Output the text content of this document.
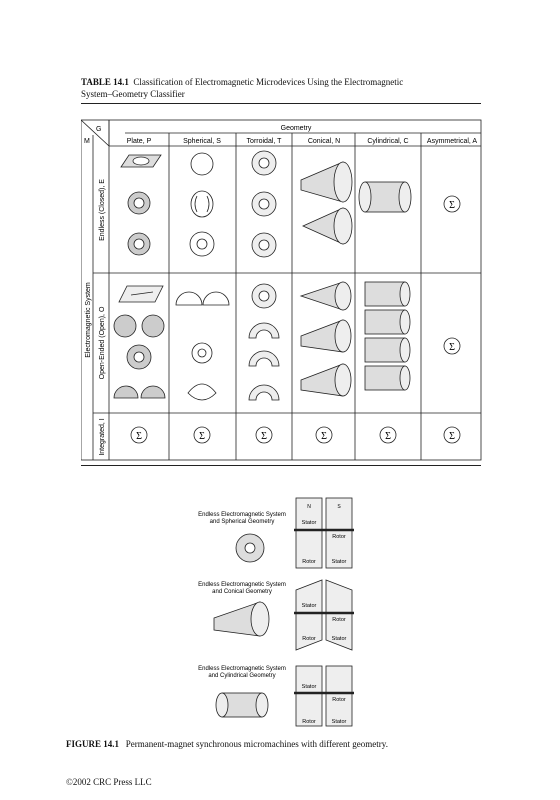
TABLE 14.1 Classification of Electromagnetic Microdevices Using the Electromagnetic
System–Geometry Classifier
G
M
Geometry
Plate, P	Spherical, S	Torroidal, T	Conical, N	Cylindrical, C	Asymmetrical, A
Electromagnetic System
Endless (Closed), E
Open-Ended (Open), O
Integrated, I
Σ
Σ
Σ	Σ	Σ	Σ	Σ	Σ
Endless Electromagnetic System
and Spherical Geometry	Stator
Rotor
Rotor	Stator
N	S
Endless Electromagnetic System
and Conical Geometry
Stator
Rotor
Rotor	Stator
Endless Electromagnetic System
and Cylindrical Geometry
Stator
Rotor
Rotor	Stator
FIGURE 14.1 Permanent-magnet synchronous micromachines with different geometry.
©2002 CRC Press LLC
